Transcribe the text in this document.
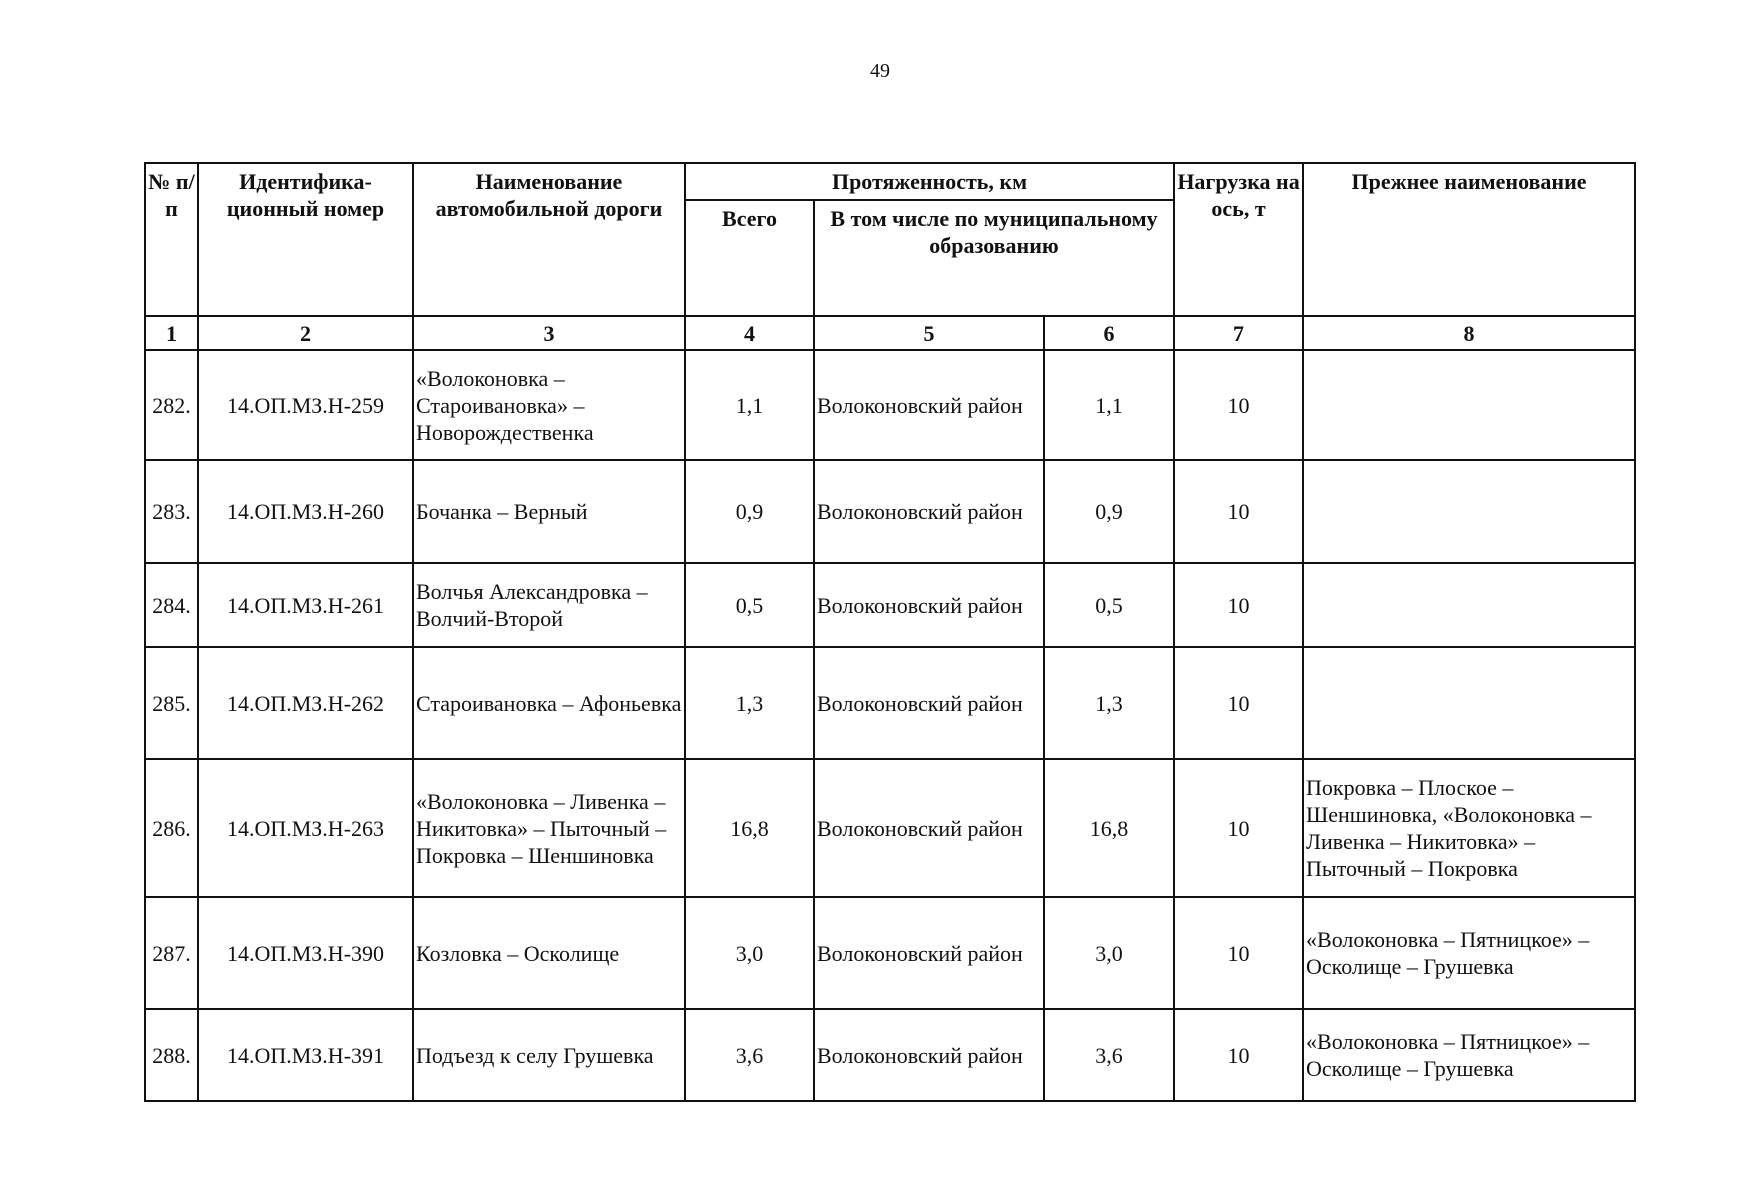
49
№ п/п	Идентифика-ционный номер	Наименование автомобильной дороги	Протяженность, км			Нагрузка на ось, т	Прежнее наименование
			Всего	В том числе по муниципальному образованию			
1	2	3	4	5	6	7	8
282.	14.ОП.МЗ.Н-259	«Волоконовка – Староивановка» – Новорождественка	1,1	Волоконовский район	1,1	10	
283.	14.ОП.МЗ.Н-260	Бочанка – Верный	0,9	Волоконовский район	0,9	10	
284.	14.ОП.МЗ.Н-261	Волчья Александровка – Волчий-Второй	0,5	Волоконовский район	0,5	10	
285.	14.ОП.МЗ.Н-262	Староивановка – Афоньевка	1,3	Волоконовский район	1,3	10	
286.	14.ОП.МЗ.Н-263	«Волоконовка – Ливенка – Никитовка» – Пыточный – Покровка – Шеншиновка	16,8	Волоконовский район	16,8	10	Покровка – Плоское – Шеншиновка, «Волоконовка – Ливенка – Никитовка» – Пыточный – Покровка
287.	14.ОП.МЗ.Н-390	Козловка – Осколище	3,0	Волоконовский район	3,0	10	«Волоконовка – Пятницкое» – Осколище – Грушевка
288.	14.ОП.МЗ.Н-391	Подъезд к селу Грушевка	3,6	Волоконовский район	3,6	10	«Волоконовка – Пятницкое» – Осколище – Грушевка
